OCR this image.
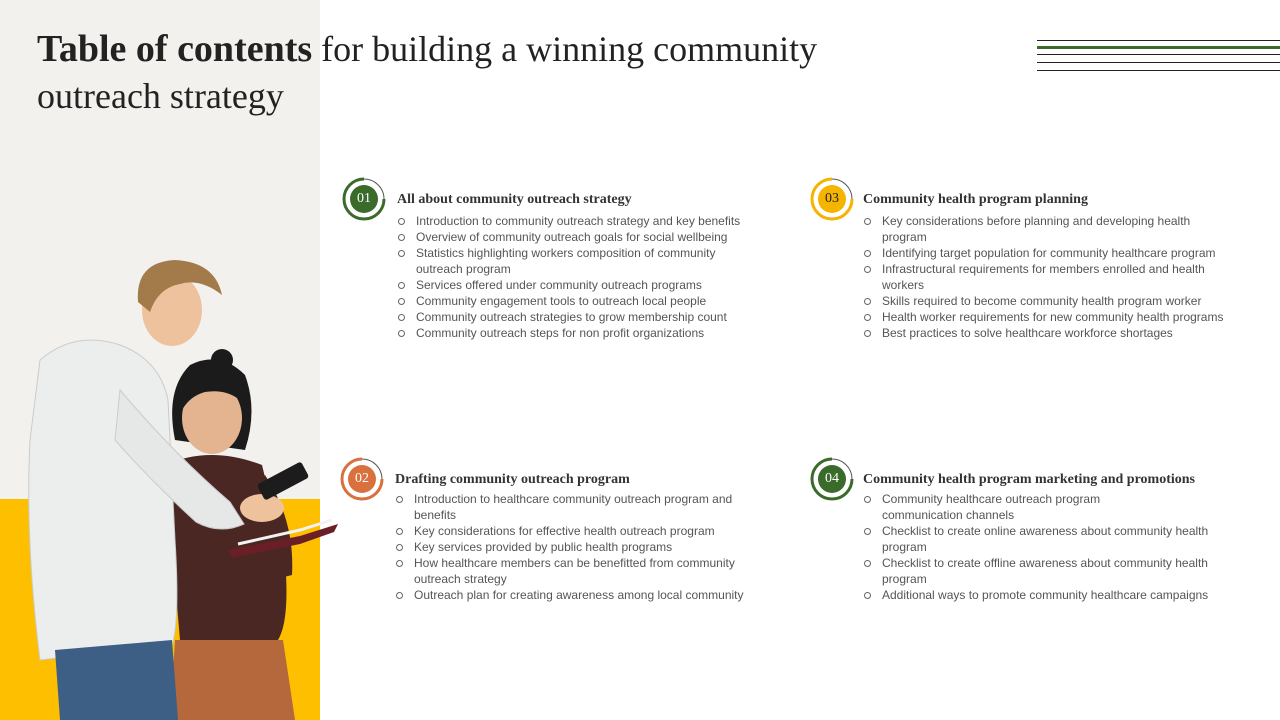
Table of contents for building a winning community outreach strategy
01	All about community outreach strategy
Introduction to community outreach strategy and key benefits
Overview of community outreach goals for social wellbeing
Statistics highlighting workers composition of community outreach program
Services offered under community outreach programs
Community engagement tools to outreach local people
Community outreach strategies to grow membership count
Community outreach steps for non profit organizations
02	Drafting community outreach program
Introduction to healthcare community outreach program and benefits
Key considerations for effective health outreach program
Key services provided by public health programs
How healthcare members can be benefitted from community outreach strategy
Outreach plan for creating awareness among local community
03	Community health program planning
Key considerations before planning and developing health program
Identifying target population for community healthcare program
Infrastructural requirements for members enrolled and health workers
Skills required to become community health program worker
Health worker requirements for new community health programs
Best practices to solve healthcare workforce shortages
04	Community health program marketing and promotions
Community healthcare outreach program communication channels
Checklist to create online awareness about community health program
Checklist to create offline awareness about community health program
Additional ways to promote community healthcare campaigns
